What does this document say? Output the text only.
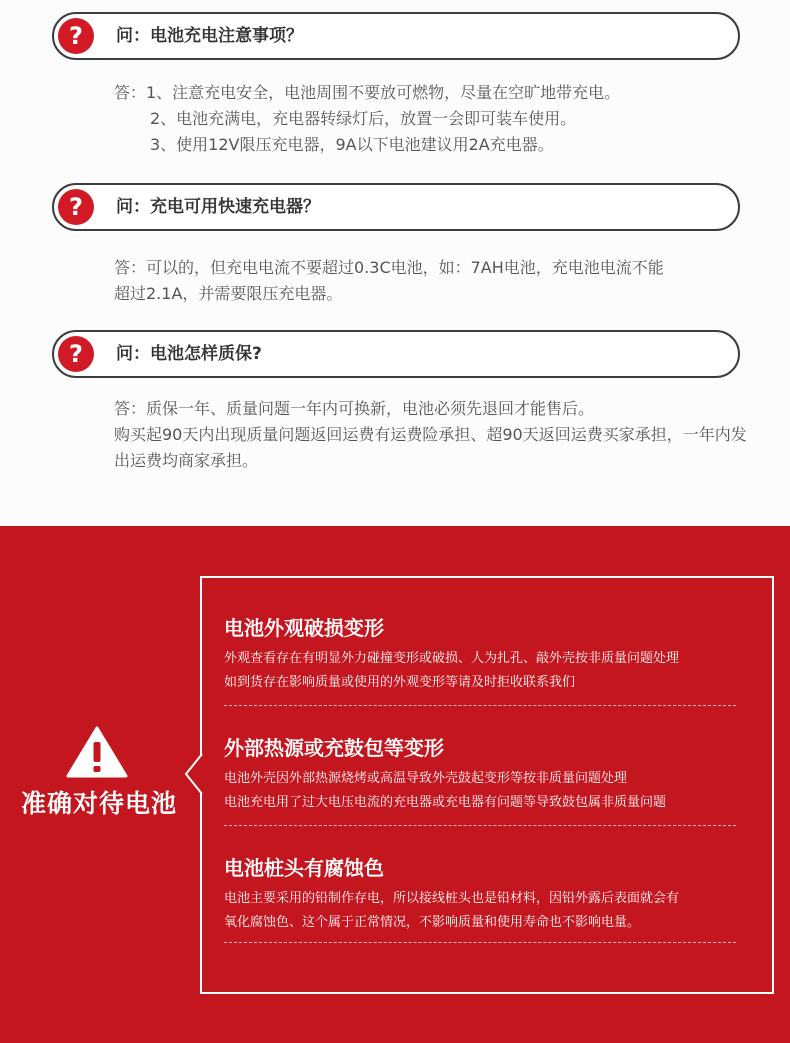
?	问：电池充电注意事项？
答：1、注意充电安全，电池周围不要放可燃物，尽量在空旷地带充电。
2、电池充满电，充电器转绿灯后，放置一会即可装车使用。
3、使用12V限压充电器，9A以下电池建议用2A充电器。
?	问：充电可用快速充电器？
答：可以的，但充电电流不要超过0.3C电池，如：7AH电池，充电池电流不能
超过2.1A，并需要限压充电器。
?	问：电池怎样质保?
答：质保一年、质量问题一年内可换新，电池必须先退回才能售后。
购买起90天内出现质量问题返回运费有运费险承担、超90天返回运费买家承担，一年内发出运费均商家承担。
准确对待电池
电池外观破损变形

外观查看存在有明显外力碰撞变形或破损、人为扎孔、敲外壳按非质量问题处理

如到货存在影响质量或使用的外观变形等请及时拒收联系我们

外部热源或充鼓包等变形

电池外壳因外部热源烧烤或高温导致外壳鼓起变形等按非质量问题处理

电池充电用了过大电压电流的充电器或充电器有问题等导致鼓包属非质量问题

电池桩头有腐蚀色

电池主要采用的铅制作存电，所以接线桩头也是铅材料，因铅外露后表面就会有

氧化腐蚀色、这个属于正常情况，不影响质量和使用寿命也不影响电量。
